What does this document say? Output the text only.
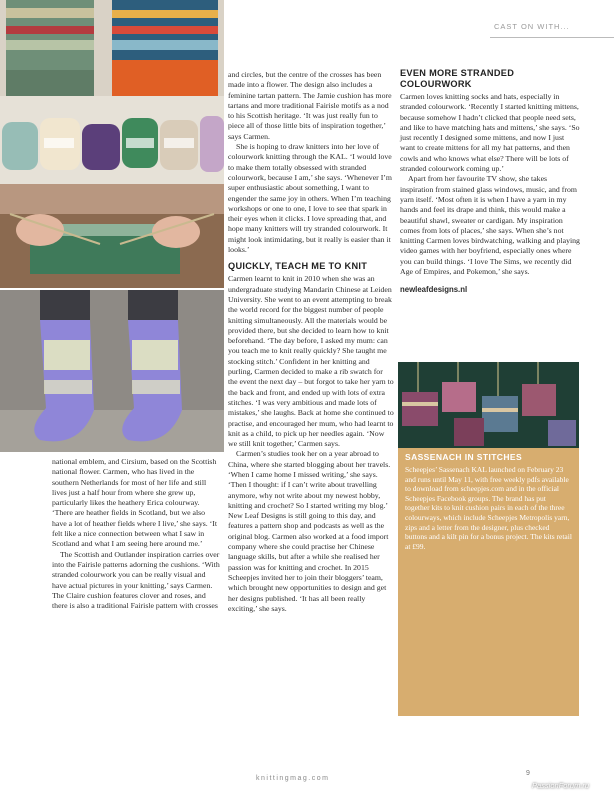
CAST ON WITH...

national emblem, and Cirsium, based on the Scottish national flower. Carmen, who has lived in the southern Netherlands for most of her life and still lives just a half hour from where she grew up, particularly likes the heathery Erica colourway. ‘There are heather fields in Scotland, but we also have a lot of heather fields where I live,’ she says. ‘It felt like a nice connection between what I saw in Scotland and what I am seeing here around me.’

The Scottish and Outlander inspiration carries over into the Fairisle patterns adorning the cushions. ‘With stranded colourwork you can be really visual and have actual pictures in your knitting,’ says Carmen. The Claire cushion features clover and roses, and there is also a traditional Fairisle pattern with crosses

and circles, but the centre of the crosses has been made into a flower. The design also includes a feminine tartan pattern. The Jamie cushion has more tartans and more traditional Fairisle motifs as a nod to his Scottish heritage. ‘It was just really fun to piece all of those little bits of inspiration together,’ says Carmen.

She is hoping to draw knitters into her love of colourwork knitting through the KAL. ‘I would love to make them totally obsessed with stranded colourwork, because I am,’ she says. ‘Whenever I’m super enthusiastic about something, I want to engender the same joy in others. When I’m teaching workshops or one to one, I love to see that spark in their eyes when it clicks. I love spreading that, and hope many knitters will try stranded colourwork. It might look intimidating, but it really is easier than it looks.’

QUICKLY, TEACH ME TO KNIT

Carmen learnt to knit in 2010 when she was an undergraduate studying Mandarin Chinese at Leiden University. She went to an event attempting to break the world record for the biggest number of people knitting simultaneously. All the materials would be provided there, but she decided to learn how to knit beforehand. ‘The day before, I asked my mum: can you teach me to knit really quickly? She taught me stocking stitch.’ Confident in her knitting and purling, Carmen decided to make a rib swatch for the event the next day – but forgot to take her yarn to the back and front, and ended up with lots of extra stitches. ‘I was very ambitious and made lots of mistakes,’ she laughs. Back at home she continued to practise, and encouraged her mum, who had learnt to knit as a child, to pick up her needles again. ‘Now we still knit together,’ Carmen says.

Carmen’s studies took her on a year abroad to China, where she started blogging about her travels. ‘When I came home I missed writing,’ she says. ‘Then I thought: if I can’t write about travelling anymore, why not write about my newest hobby, knitting and crochet? So I started writing my blog.’ New Leaf Designs is still going to this day, and features a pattern shop and podcasts as well as the original blog. Carmen also worked at a food import company where she could practise her Chinese language skills, but after a while she realised her passion was for knitting and crochet. In 2015 Scheepjes invited her to join their bloggers’ team, which brought new opportunities to design and get her designs published. ‘It has all been really exciting,’ she says.

EVEN MORE STRANDED COLOURWORK

Carmen loves knitting socks and hats, especially in stranded colourwork. ‘Recently I started knitting mittens, because somehow I hadn’t clicked that people need sets, and like to have matching hats and mittens,’ she says. ‘So just recently I designed some mittens, and now I just want to create mittens for all my hat patterns, and then cowls and who knows what else? There will be lots of stranded colourwork coming up.’

Apart from her favourite TV show, she takes inspiration from stained glass windows, music, and from yarn itself. ‘Most often it is when I have a yarn in my hands and feel its drape and think, this would make a beautiful shawl, sweater or cardigan. My inspiration comes from lots of places,’ she says. When she’s not knitting Carmen loves birdwatching, walking and playing video games with her boyfriend, especially ones where you can build things. ‘I love The Sims, we recently did Age of Empires, and Pokemon,’ she says.

newleafdesigns.nl

SASSENACH IN STITCHES
Scheepjes’ Sassenach KAL launched on February 23 and runs until May 11, with free weekly pdfs available to download from scheepjes.com and in the official Scheepjes Facebook groups. The brand has put together kits to knit cushion pairs in each of the three colourways, which include Scheepjes Metropolis yarn, zips and a letter from the designer, plus checked buttons and a kilt pin for a bonus project. The kits retail at £99.
knittingmag.com
9
PassionForum.ru
